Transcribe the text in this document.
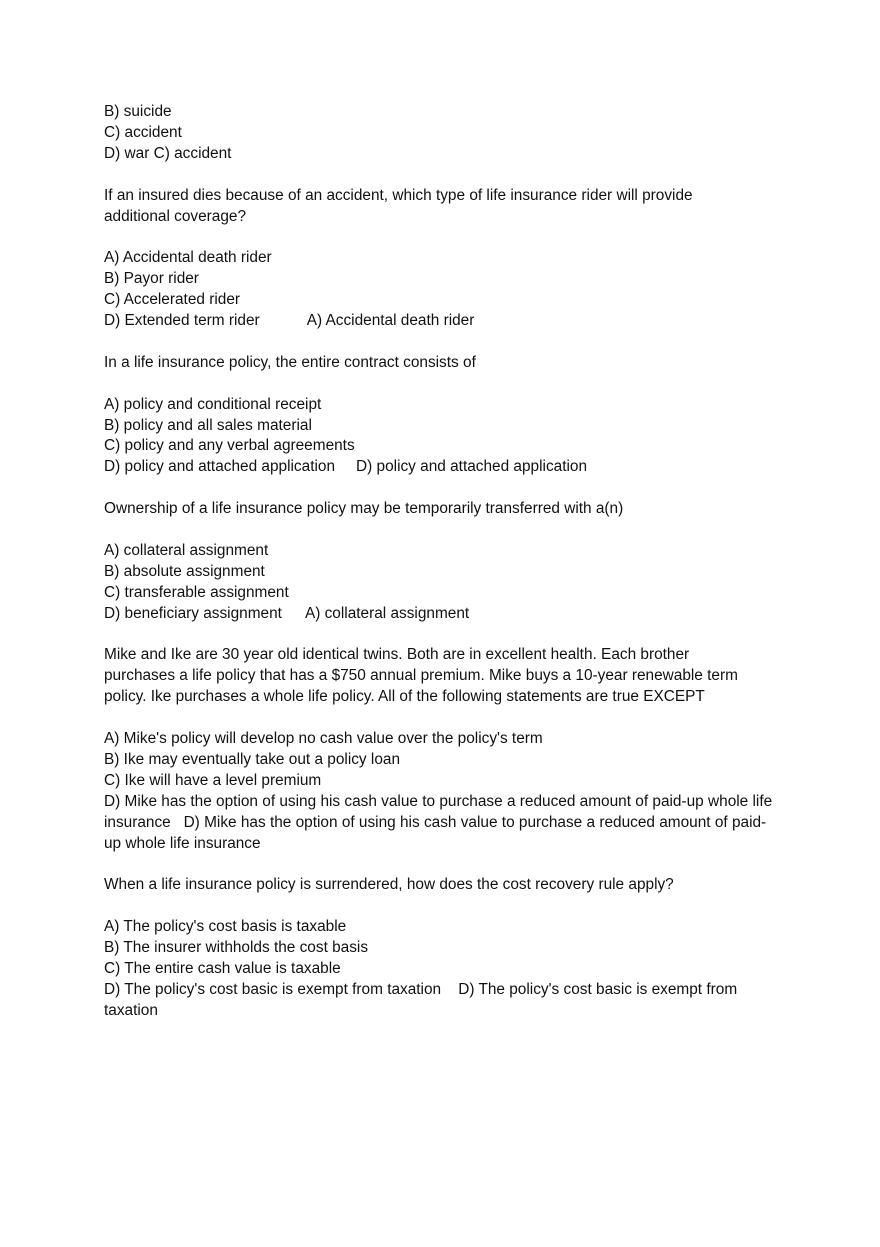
B) suicide

C) accident

D) war C) accident

If an insured dies because of an accident, which type of life insurance rider will provide additional coverage?

A) Accidental death rider

B) Payor rider

C) Accelerated rider

D) Extended term rider	A) Accidental death rider

In a life insurance policy, the entire contract consists of

A) policy and conditional receipt

B) policy and all sales material

C) policy and any verbal agreements

D) policy and attached application D) policy and attached application

Ownership of a life insurance policy may be temporarily transferred with a(n)

A) collateral assignment

B) absolute assignment

C) transferable assignment

D) beneficiary assignment A) collateral assignment

Mike and Ike are 30 year old identical twins. Both are in excellent health. Each brother purchases a life policy that has a $750 annual premium. Mike buys a 10-year renewable term policy. Ike purchases a whole life policy. All of the following statements are true EXCEPT

A) Mike's policy will develop no cash value over the policy's term

B) Ike may eventually take out a policy loan

C) Ike will have a level premium

D) Mike has the option of using his cash value to purchase a reduced amount of paid-up whole life insurance D) Mike has the option of using his cash value to purchase a reduced amount of paid-up whole life insurance

When a life insurance policy is surrendered, how does the cost recovery rule apply?

A) The policy's cost basis is taxable

B) The insurer withholds the cost basis

C) The entire cash value is taxable

D) The policy's cost basic is exempt from taxation D) The policy's cost basic is exempt from taxation
